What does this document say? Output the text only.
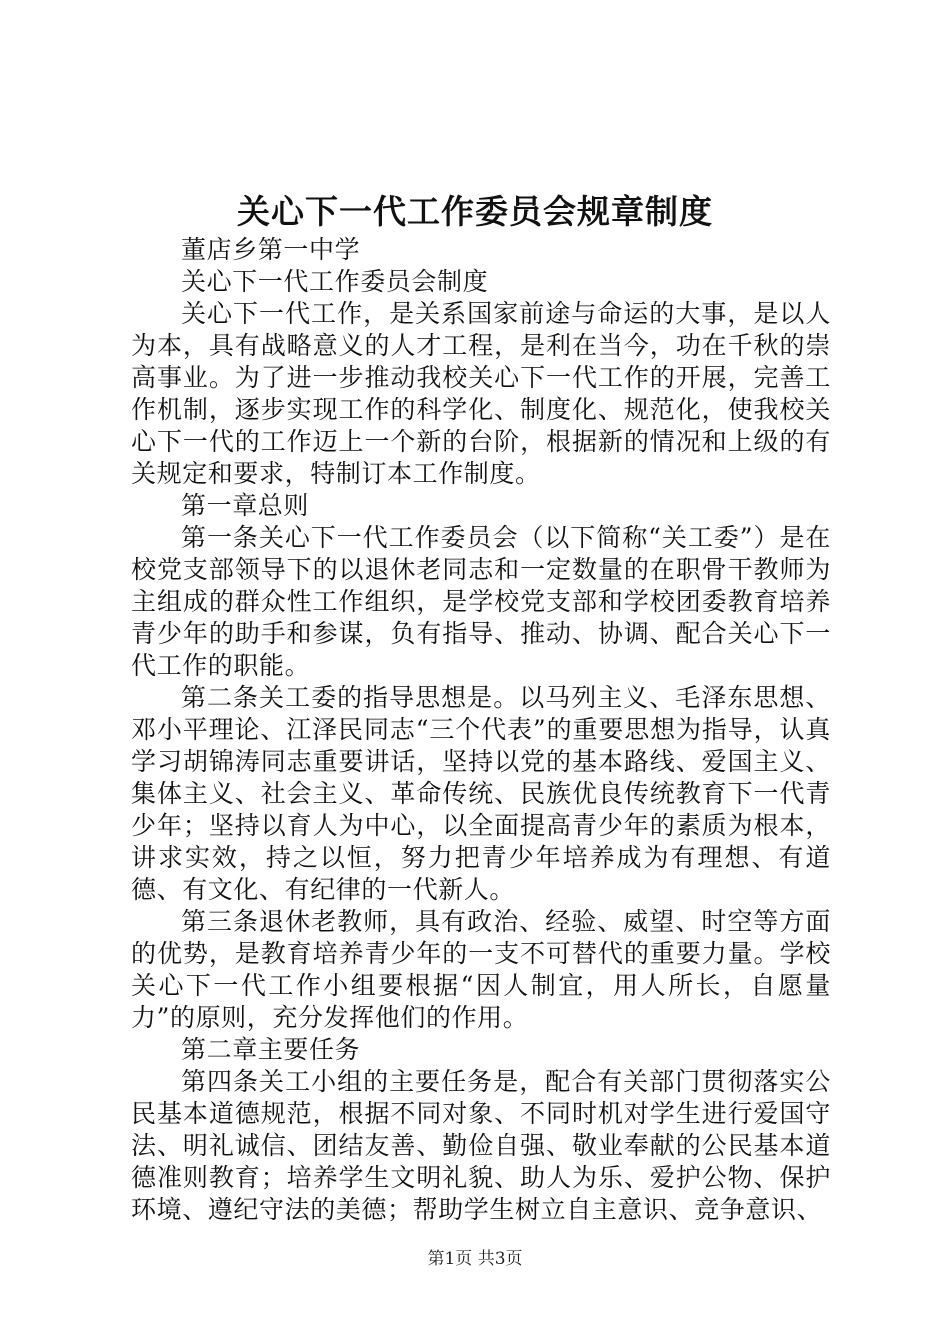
关心下一代工作委员会规章制度

董店乡第一中学

关心下一代工作委员会制度

关心下一代工作，是关系国家前途与命运的大事，是以人为本，具有战略意义的人才工程，是利在当今，功在千秋的崇高事业。为了进一步推动我校关心下一代工作的开展，完善工作机制，逐步实现工作的科学化、制度化、规范化，使我校关心下一代的工作迈上一个新的台阶，根据新的情况和上级的有关规定和要求，特制订本工作制度。

第一章总则

第一条关心下一代工作委员会（以下简称“关工委”）是在校党支部领导下的以退休老同志和一定数量的在职骨干教师为主组成的群众性工作组织，是学校党支部和学校团委教育培养青少年的助手和参谋，负有指导、推动、协调、配合关心下一代工作的职能。

第二条关工委的指导思想是。以马列主义、毛泽东思想、邓小平理论、江泽民同志“三个代表”的重要思想为指导，认真学习胡锦涛同志重要讲话，坚持以党的基本路线、爱国主义、集体主义、社会主义、革命传统、民族优良传统教育下一代青少年；坚持以育人为中心，以全面提高青少年的素质为根本，讲求实效，持之以恒，努力把青少年培养成为有理想、有道德、有文化、有纪律的一代新人。

第三条退休老教师，具有政治、经验、威望、时空等方面的优势，是教育培养青少年的一支不可替代的重要力量。学校关心下一代工作小组要根据“因人制宜，用人所长，自愿量力”的原则，充分发挥他们的作用。

第二章主要任务

第四条关工小组的主要任务是，配合有关部门贯彻落实公民基本道德规范，根据不同对象、不同时机对学生进行爱国守法、明礼诚信、团结友善、勤俭自强、敬业奉献的公民基本道德准则教育；培养学生文明礼貌、助人为乐、爱护公物、保护环境、遵纪守法的美德；帮助学生树立自主意识、竞争意识、

第1页 共3页
